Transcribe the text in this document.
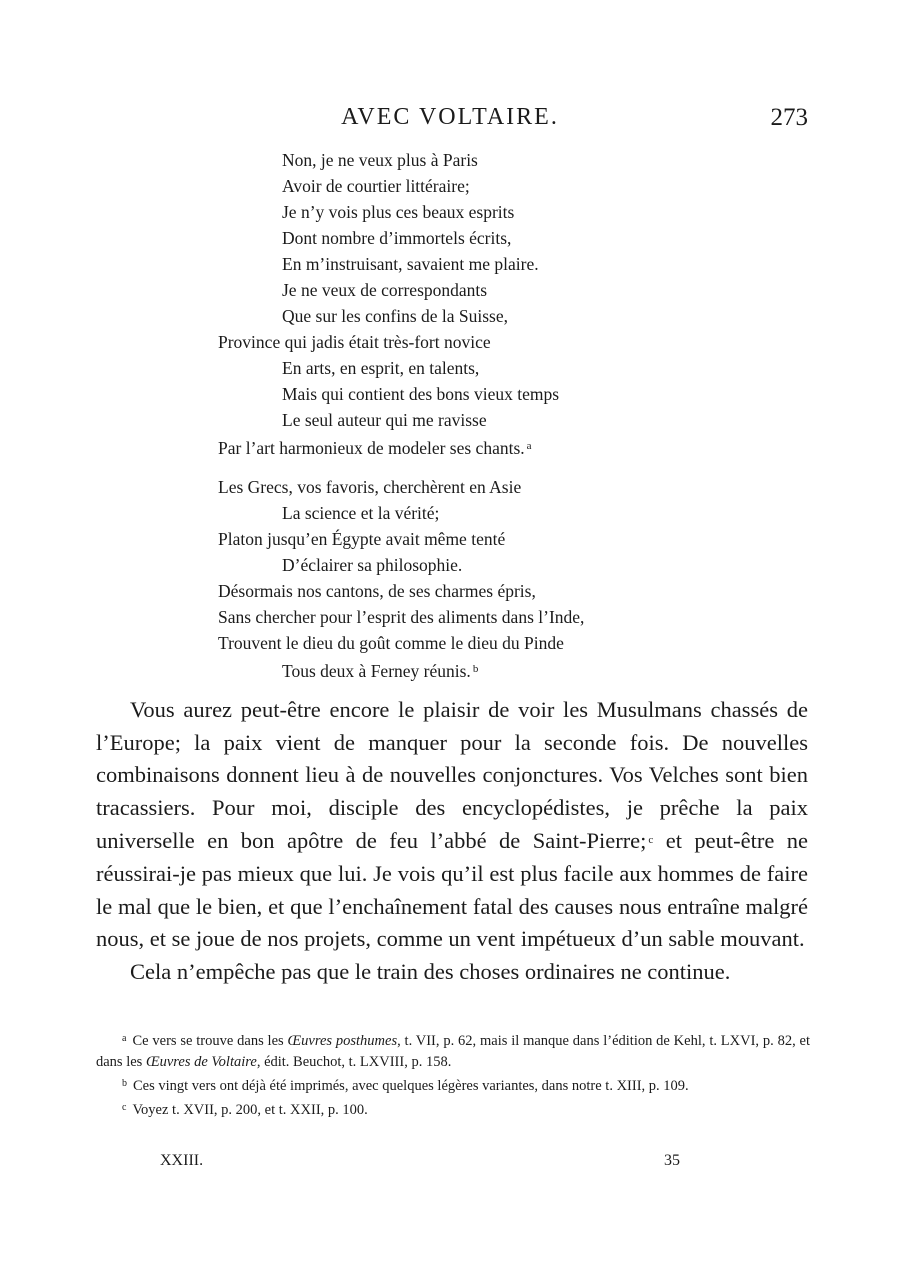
AVEC VOLTAIRE.	273
Non, je ne veux plus à Paris
Avoir de courtier littéraire;
Je n’y vois plus ces beaux esprits
Dont nombre d’immortels écrits,
En m’instruisant, savaient me plaire.
Je ne veux de correspondants
Que sur les confins de la Suisse,
Province qui jadis était très-fort novice
En arts, en esprit, en talents,
Mais qui contient des bons vieux temps
Le seul auteur qui me ravisse
Par l’art harmonieux de modeler ses chants. $^a$
Les Grecs, vos favoris, cherchèrent en Asie
La science et la vérité;
Platon jusqu’en Égypte avait même tenté
D’éclairer sa philosophie.
Désormais nos cantons, de ses charmes épris,
Sans chercher pour l’esprit des aliments dans l’Inde,
Trouvent le dieu du goût comme le dieu du Pinde
Tous deux à Ferney réunis. $^b$

Vous aurez peut-être encore le plaisir de voir les Musulmans chassés de l’Europe; la paix vient de manquer pour la seconde fois. De nouvelles combinaisons donnent lieu à de nouvelles conjonctures. Vos Velches sont bien tracassiers. Pour moi, disciple des encyclopédistes, je prêche la paix universelle en bon apôtre de feu l’abbé de Saint-Pierre; $^c$ et peut-être ne réussirai-je pas mieux que lui. Je vois qu’il est plus facile aux hommes de faire le mal que le bien, et que l’enchaînement fatal des causes nous entraîne malgré nous, et se joue de nos projets, comme un vent impétueux d’un sable mouvant.

Cela n’empêche pas que le train des choses ordinaires ne continue.

$^a$ Ce vers se trouve dans les Œuvres posthumes, t. VII, p. 62, mais il manque dans l’édition de Kehl, t. LXVI, p. 82, et dans les Œuvres de Voltaire, édit. Beuchot, t. LXVIII, p. 158.

$^b$ Ces vingt vers ont déjà été imprimés, avec quelques légères variantes, dans notre t. XIII, p. 109.

$^c$ Voyez t. XVII, p. 200, et t. XXII, p. 100.

XXIII.	35
